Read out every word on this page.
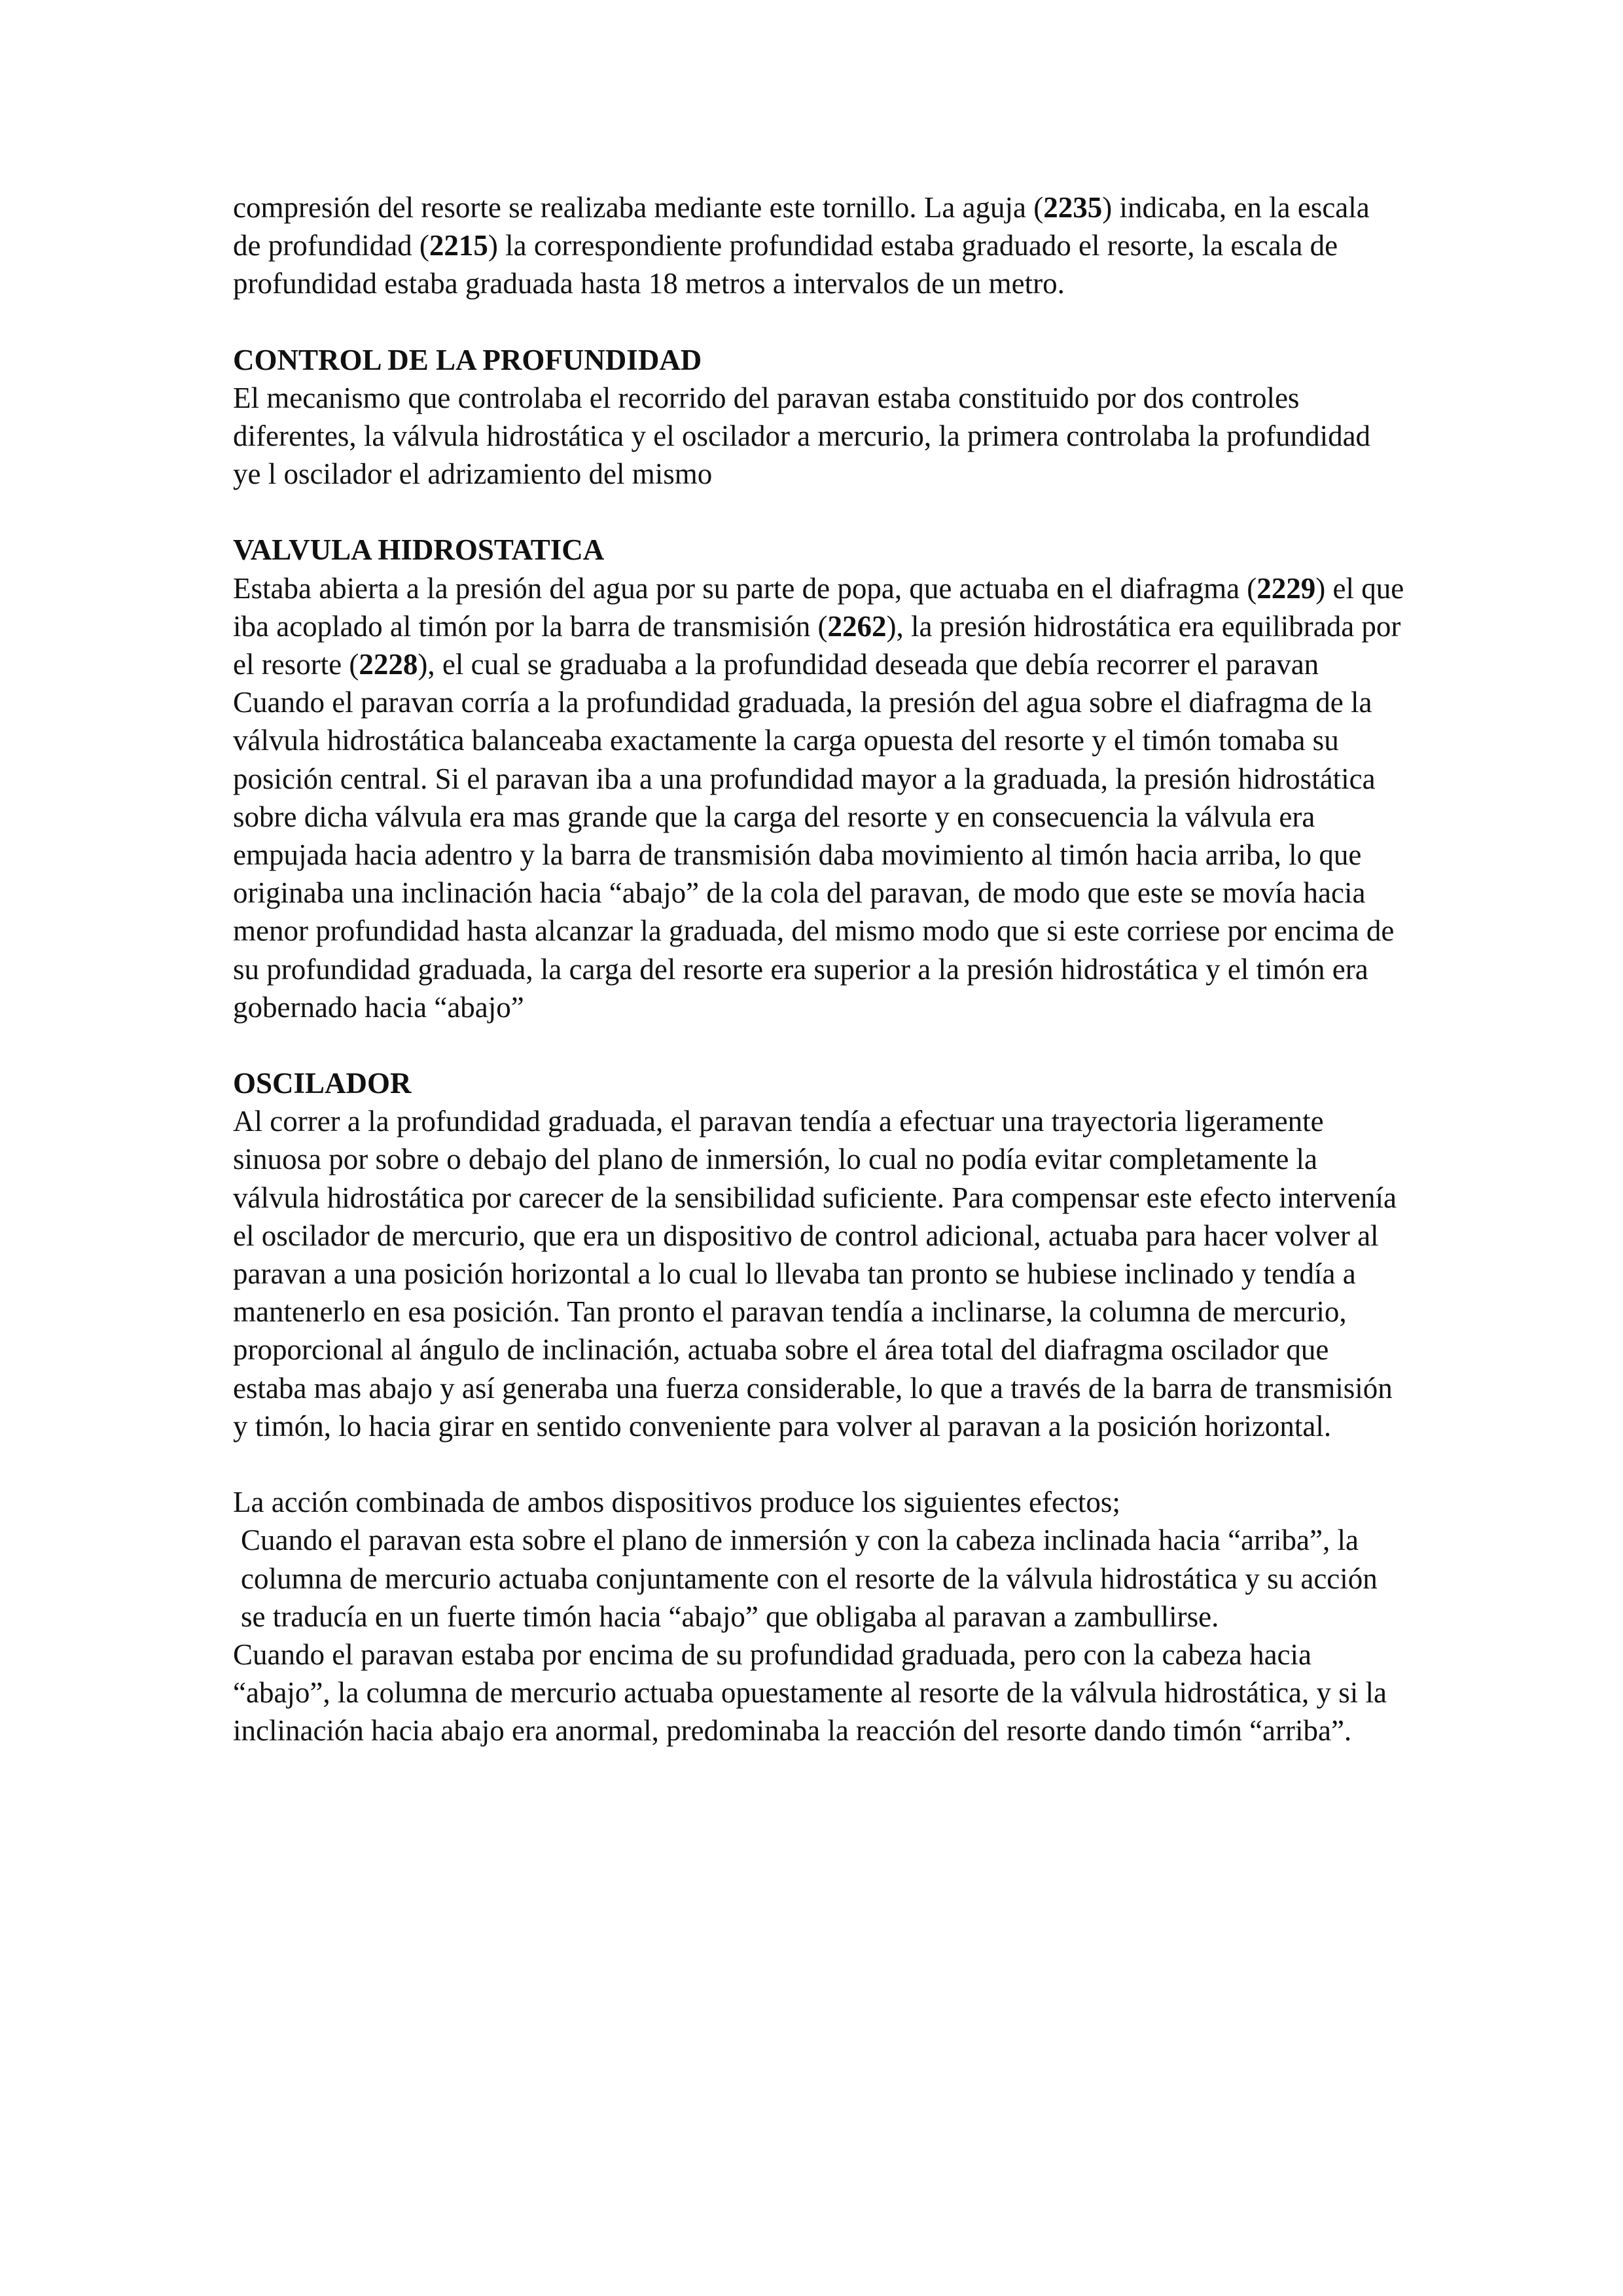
compresión del resorte se realizaba mediante este tornillo. La aguja (2235) indicaba, en la escala de profundidad (2215) la correspondiente profundidad estaba graduado el resorte, la escala de profundidad estaba graduada hasta 18 metros a intervalos de un metro.

CONTROL DE LA PROFUNDIDAD

El mecanismo que controlaba el recorrido del paravan estaba constituido por dos controles diferentes, la válvula hidrostática y el oscilador a mercurio, la primera controlaba la profundidad ye l oscilador el adrizamiento del mismo

VALVULA HIDROSTATICA

Estaba abierta a la presión del agua por su parte de popa, que actuaba en el diafragma (2229) el que iba acoplado al timón por la barra de transmisión (2262), la presión hidrostática era equilibrada por el resorte (2228), el cual se graduaba a la profundidad deseada que debía recorrer el paravan

Cuando el paravan corría a la profundidad graduada, la presión del agua sobre el diafragma de la válvula hidrostática balanceaba exactamente la carga opuesta del resorte y el timón tomaba su posición central. Si el paravan iba a una profundidad mayor a la graduada, la presión hidrostática sobre dicha válvula era mas grande que la carga del resorte y en consecuencia la válvula era empujada hacia adentro y la barra de transmisión daba movimiento al timón hacia arriba, lo que originaba una inclinación hacia “abajo” de la cola del paravan, de modo que este se movía hacia menor profundidad hasta alcanzar la graduada, del mismo modo que si este corriese por encima de su profundidad graduada, la carga del resorte era superior a la presión hidrostática y el timón era gobernado hacia “abajo”

OSCILADOR

Al correr a la profundidad graduada, el paravan tendía a efectuar una trayectoria ligeramente sinuosa por sobre o debajo del plano de inmersión, lo cual no podía evitar completamente la válvula hidrostática por carecer de la sensibilidad suficiente. Para compensar este efecto intervenía el oscilador de mercurio, que era un dispositivo de control adicional, actuaba para hacer volver al paravan a una posición horizontal a lo cual lo llevaba tan pronto se hubiese inclinado y tendía a mantenerlo en esa posición. Tan pronto el paravan tendía a inclinarse, la columna de mercurio, proporcional al ángulo de inclinación, actuaba sobre el área total del diafragma oscilador que estaba mas abajo y así generaba una fuerza considerable, lo que a través de la barra de transmisión y timón, lo hacia girar en sentido conveniente para volver al paravan a la posición horizontal.

La acción combinada de ambos dispositivos produce los siguientes efectos;

Cuando el paravan esta sobre el plano de inmersión y con la cabeza inclinada hacia “arriba”, la columna de mercurio actuaba conjuntamente con el resorte de la válvula hidrostática y su acción se traducía en un fuerte timón hacia “abajo” que obligaba al paravan a zambullirse.

Cuando el paravan estaba por encima de su profundidad graduada, pero con la cabeza hacia “abajo”, la columna de mercurio actuaba opuestamente al resorte de la válvula hidrostática, y si la inclinación hacia abajo era anormal, predominaba la reacción del resorte dando timón “arriba”.
